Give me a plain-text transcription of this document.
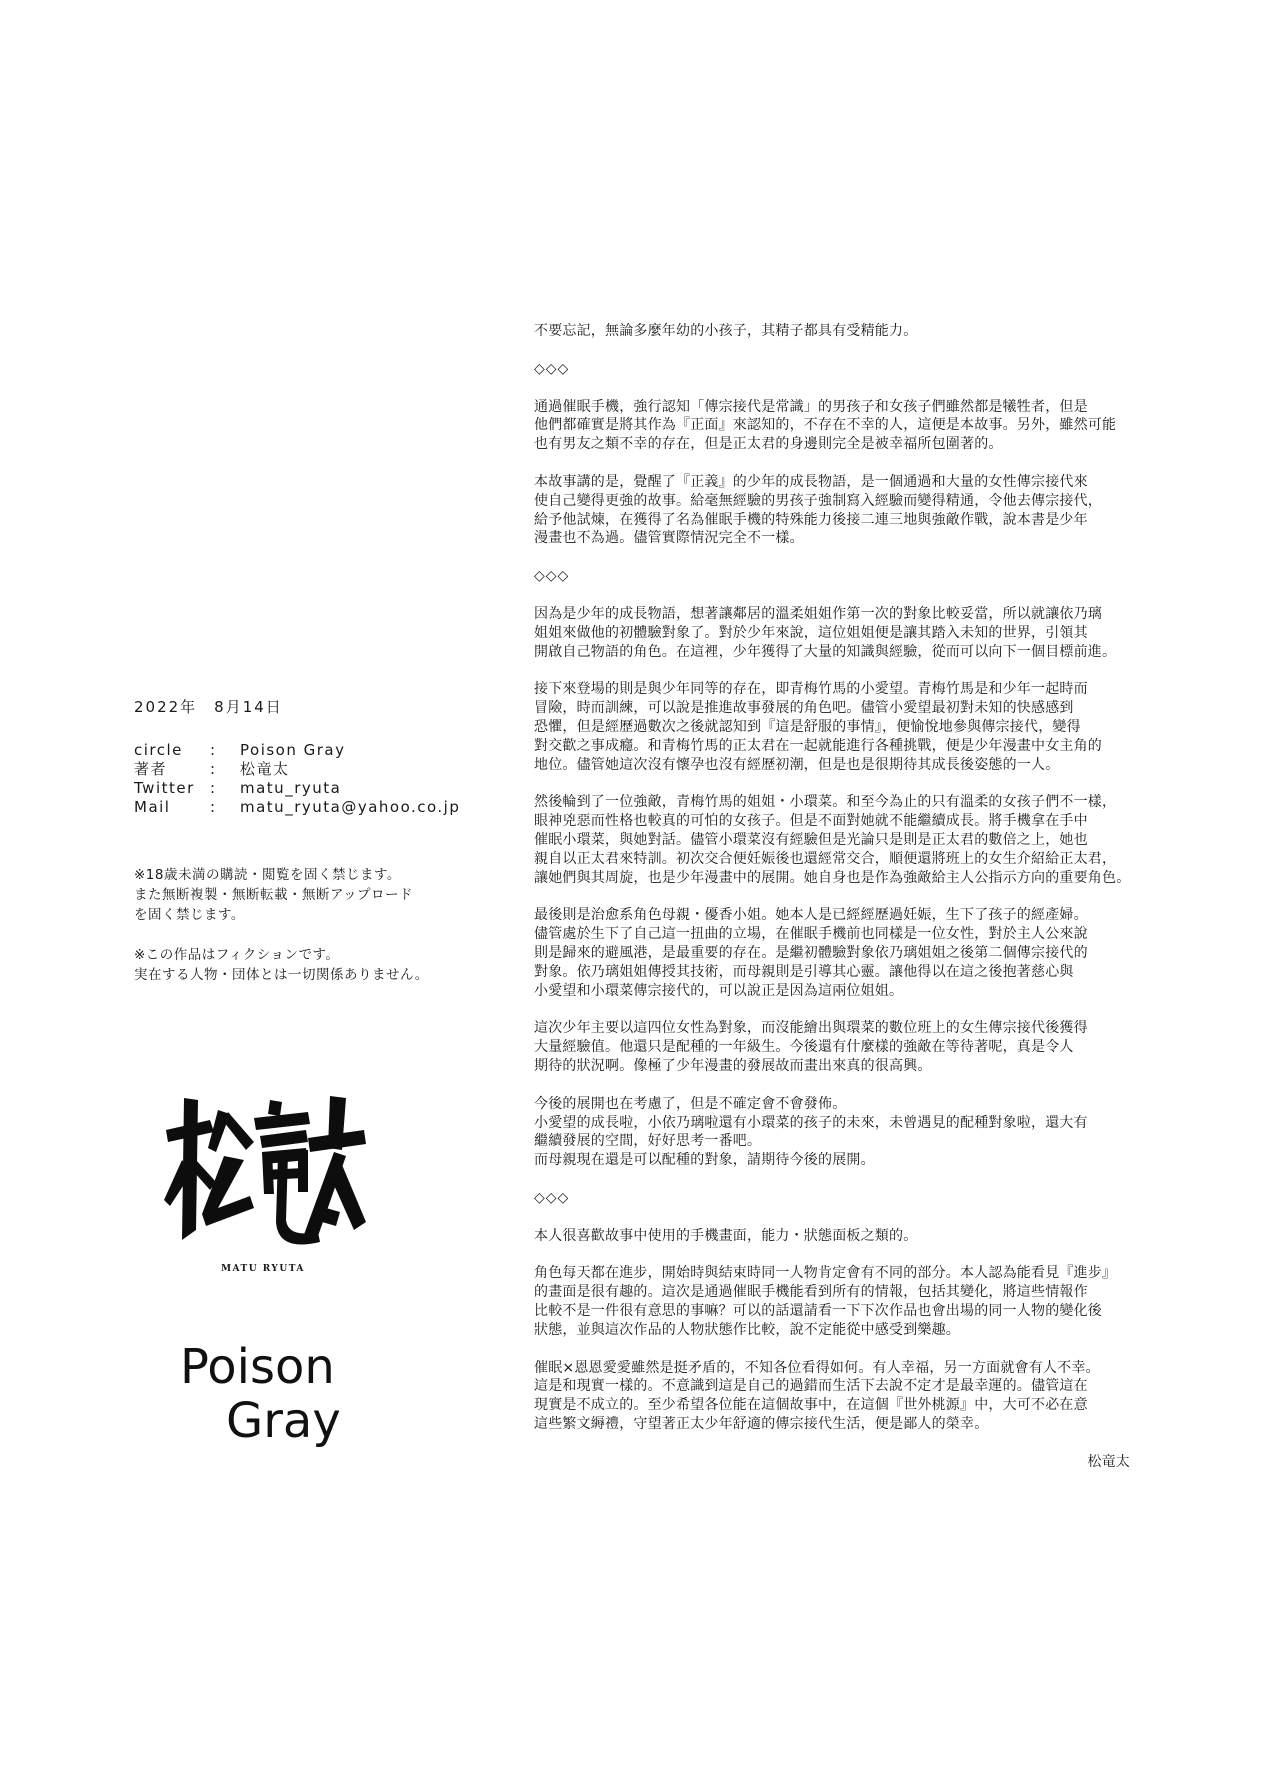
2022年　8月14日
circle	:	Poison Gray
著者	:	松竜太
Twitter	:	matu_ryuta
Mail	:	matu_ryuta@yahoo.co.jp

※18歳未満の購読・閲覧を固く禁じます。

また無断複製・無断転載・無断アップロード

を固く禁じます。

※この作品はフィクションです。

実在する人物・団体とは一切関係ありません。

MATU RYUTA
Poison
Gray
不要忘記，無論多麼年幼的小孩子，其精子都具有受精能力。
◇◇◇
通過催眠手機，強行認知「傳宗接代是常識」的男孩子和女孩子們雖然都是犧牲者，但是
他們都確實是將其作為『正面』來認知的，不存在不幸的人，這便是本故事。另外，雖然可能
也有男友之類不幸的存在，但是正太君的身邊則完全是被幸福所包圍著的。
本故事講的是，覺醒了『正義』的少年的成長物語，是一個通過和大量的女性傳宗接代來
使自己變得更強的故事。給毫無經驗的男孩子強制寫入經驗而變得精通，令他去傳宗接代，
給予他試煉，在獲得了名為催眠手機的特殊能力後接二連三地與強敵作戰，說本書是少年
漫畫也不為過。儘管實際情況完全不一樣。
◇◇◇
因為是少年的成長物語，想著讓鄰居的溫柔姐姐作第一次的對象比較妥當，所以就讓依乃璃
姐姐來做他的初體驗對象了。對於少年來說，這位姐姐便是讓其踏入未知的世界，引領其
開啟自己物語的角色。在這裡，少年獲得了大量的知識與經驗，從而可以向下一個目標前進。
接下來登場的則是與少年同等的存在，即青梅竹馬的小愛望。青梅竹馬是和少年一起時而
冒險，時而訓練，可以說是推進故事發展的角色吧。儘管小愛望最初對未知的快感感到
恐懼，但是經歷過數次之後就認知到『這是舒服的事情』，便愉悅地參與傳宗接代，變得
對交歡之事成癮。和青梅竹馬的正太君在一起就能進行各種挑戰，便是少年漫畫中女主角的
地位。儘管她這次沒有懷孕也沒有經歷初潮，但是也是很期待其成長後姿態的一人。
然後輪到了一位強敵，青梅竹馬的姐姐・小環菜。和至今為止的只有溫柔的女孩子們不一樣，
眼神兇惡而性格也較真的可怕的女孩子。但是不面對她就不能繼續成長。將手機拿在手中
催眠小環菜，與她對話。儘管小環菜沒有經驗但是光論只是則是正太君的數倍之上，她也
親自以正太君來特訓。初次交合便妊娠後也還經常交合，順便還將班上的女生介紹給正太君，
讓她們與其周旋，也是少年漫畫中的展開。她自身也是作為強敵給主人公指示方向的重要角色。
最後則是治愈系角色母親・優香小姐。她本人是已經經歷過妊娠，生下了孩子的經產婦。
儘管處於生下了自己這一扭曲的立場，在催眠手機前也同樣是一位女性，對於主人公來說
則是歸來的避風港，是最重要的存在。是繼初體驗對象依乃璃姐姐之後第二個傳宗接代的
對象。依乃璃姐姐傳授其技術，而母親則是引導其心靈。讓他得以在這之後抱著慈心與
小愛望和小環菜傳宗接代的，可以說正是因為這兩位姐姐。
這次少年主要以這四位女性為對象，而沒能繪出與環菜的數位班上的女生傳宗接代後獲得
大量經驗值。他還只是配種的一年級生。今後還有什麼樣的強敵在等待著呢，真是令人
期待的狀況啊。像極了少年漫畫的發展故而畫出來真的很高興。
今後的展開也在考慮了，但是不確定會不會發佈。
小愛望的成長啦，小依乃璃啦還有小環菜的孩子的未來，未曾遇見的配種對象啦，還大有
繼續發展的空間，好好思考一番吧。
而母親現在還是可以配種的對象，請期待今後的展開。
◇◇◇
本人很喜歡故事中使用的手機畫面，能力・狀態面板之類的。
角色每天都在進步，開始時與結束時同一人物肯定會有不同的部分。本人認為能看見『進步』
的畫面是很有趣的。這次是通過催眠手機能看到所有的情報，包括其變化，將這些情報作
比較不是一件很有意思的事嘛？可以的話還請看一下下次作品也會出場的同一人物的變化後
狀態，並與這次作品的人物狀態作比較，說不定能從中感受到樂趣。
催眠×恩恩愛愛雖然是挺矛盾的，不知各位看得如何。有人幸福，另一方面就會有人不幸。
這是和現實一樣的。不意識到這是自己的過錯而生活下去說不定才是最幸運的。儘管這在
現實是不成立的。至少希望各位能在這個故事中，在這個『世外桃源』中，大可不必在意
這些繁文縟禮，守望著正太少年舒適的傳宗接代生活，便是鄙人的榮幸。
松竜太
